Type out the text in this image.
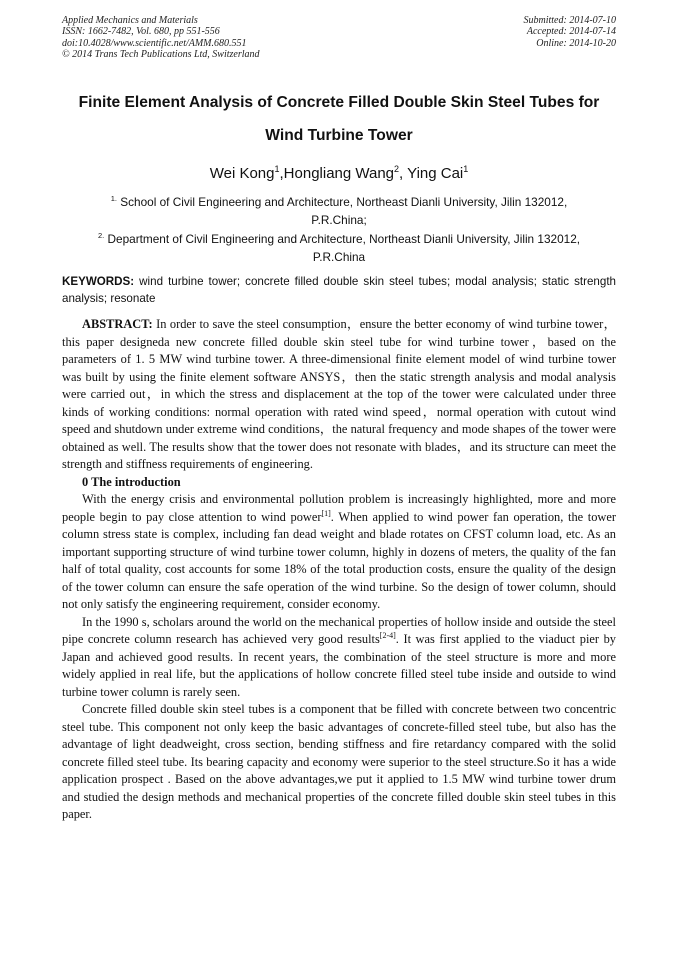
Applied Mechanics and Materials
ISSN: 1662-7482, Vol. 680, pp 551-556
doi:10.4028/www.scientific.net/AMM.680.551
© 2014 Trans Tech Publications Ltd, Switzerland
Submitted: 2014-07-10
Accepted: 2014-07-14
Online: 2014-10-20
Finite Element Analysis of Concrete Filled Double Skin Steel Tubes for
Wind Turbine Tower
Wei Kong$^1$,Hongliang Wang$^2$, Ying Cai$^1$
$^{1.}$ School of Civil Engineering and Architecture, Northeast Dianli University, Jilin 132012,
P.R.China;
$^{2.}$ Department of Civil Engineering and Architecture, Northeast Dianli University, Jilin 132012,
P.R.China
KEYWORDS: wind turbine tower; concrete filled double skin steel tubes; modal analysis; static strength analysis; resonate

ABSTRACT: In order to save the steel consumption，ensure the better economy of wind turbine tower，this paper designeda new concrete filled double skin steel tube for wind turbine tower，based on the parameters of 1. 5 MW wind turbine tower. A three-dimensional finite element model of wind turbine tower was built by using the finite element software ANSYS，then the static strength analysis and modal analysis were carried out，in which the stress and displacement at the top of the tower were calculated under three kinds of working conditions: normal operation with rated wind speed，normal operation with cutout wind speed and shutdown under extreme wind conditions，the natural frequency and mode shapes of the tower were obtained as well. The results show that the tower does not resonate with blades，and its structure can meet the strength and stiffness requirements of engineering.

0 The introduction

With the energy crisis and environmental pollution problem is increasingly highlighted, more and more people begin to pay close attention to wind power[1]. When applied to wind power fan operation, the tower column stress state is complex, including fan dead weight and blade rotates on CFST column load, etc. As an important supporting structure of wind turbine tower column, highly in dozens of meters, the quality of the fan half of total quality, cost accounts for some 18% of the total production costs, ensure the quality of the design of the tower column can ensure the safe operation of the wind turbine. So the design of tower column, should not only satisfy the engineering requirement, consider economy.

In the 1990 s, scholars around the world on the mechanical properties of hollow inside and outside the steel pipe concrete column research has achieved very good results[2-4]. It was first applied to the viaduct pier by Japan and achieved good results. In recent years, the combination of the steel structure is more and more widely applied in real life, but the applications of hollow concrete filled steel tube inside and outside to wind turbine tower column is rarely seen.

Concrete filled double skin steel tubes is a component that be filled with concrete between two concentric steel tube. This component not only keep the basic advantages of concrete-filled steel tube, but also has the advantage of light deadweight, cross section, bending stiffness and fire retardancy compared with the solid concrete filled steel tube. Its bearing capacity and economy were superior to the steel structure.So it has a wide application prospect . Based on the above advantages,we put it applied to 1.5 MW wind turbine tower drum and studied the design methods and mechanical properties of the concrete filled double skin steel tubes in this paper.
